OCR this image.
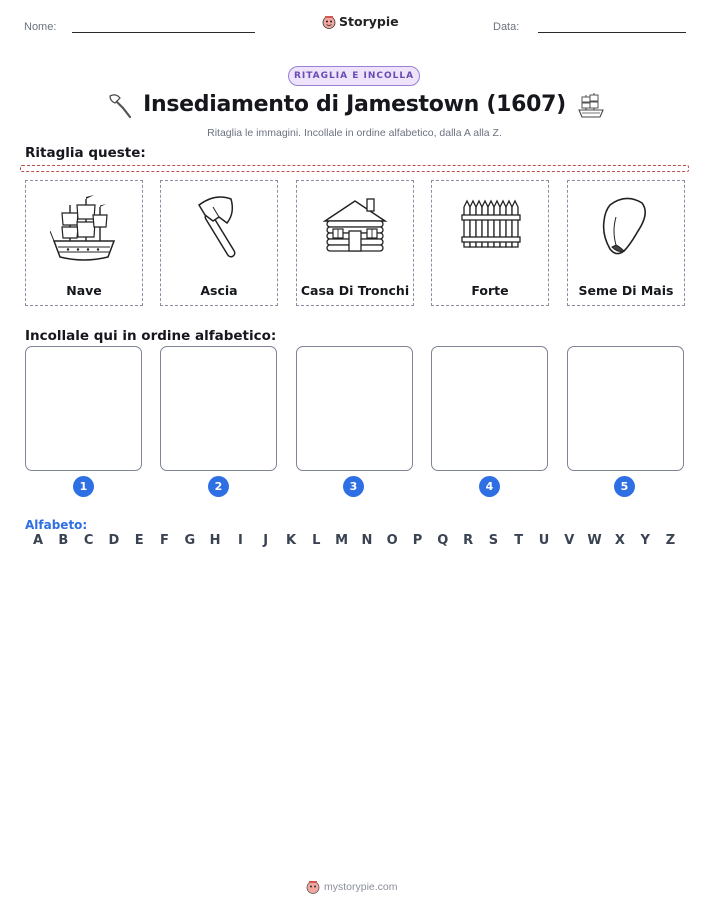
Nome:	Storypie	Data:
RITAGLIA E INCOLLA
Insediamento di Jamestown (1607)
Ritaglia le immagini. Incollale in ordine alfabetico, dalla A alla Z.
Ritaglia queste:
Nave	Ascia	Casa Di Tronchi	Forte	Seme Di Mais
Incollale qui in ordine alfabetico:
1	2	3	4	5
Alfabeto:
A	B	C	D	E	F	G	H	I	J	K	L	M	N	O	P	Q	R	S	T	U	V	W	X	Y	Z
mystorypie.com
